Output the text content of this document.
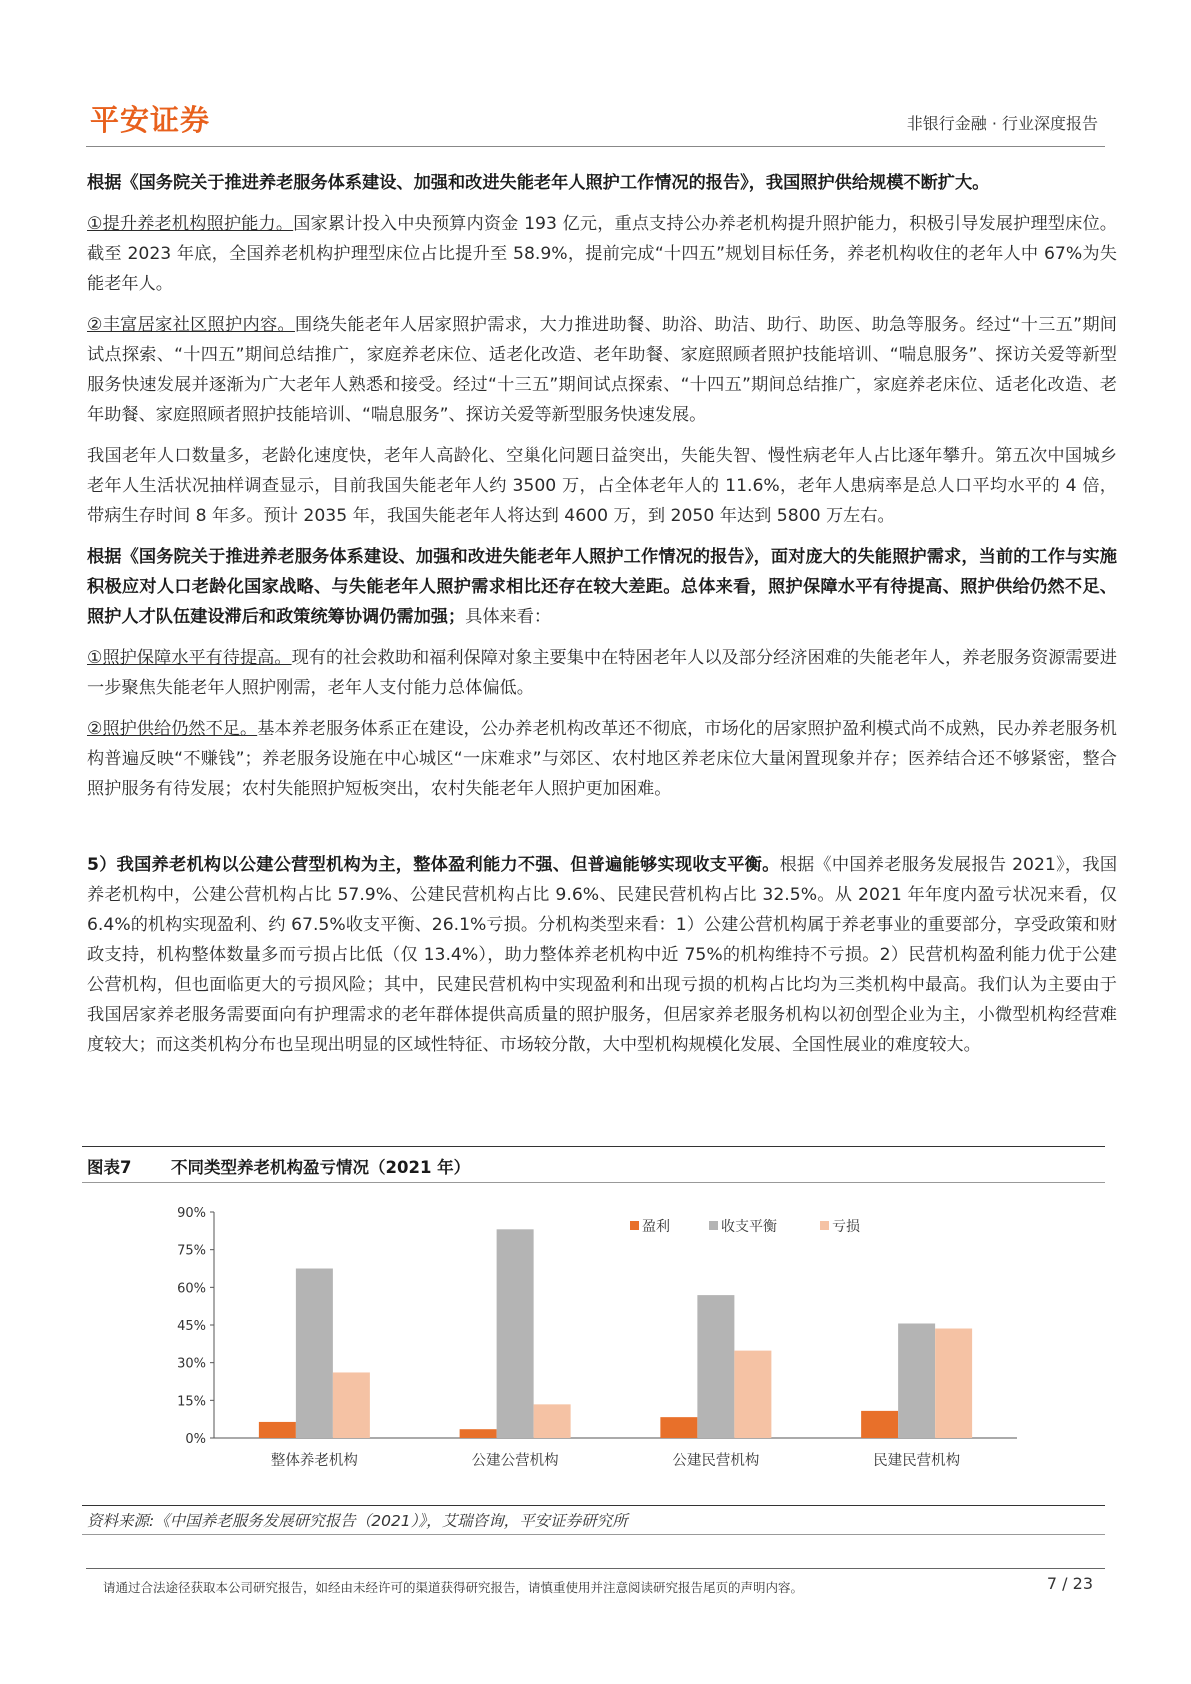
平安证券	非银行金融 · 行业深度报告

根据《国务院关于推进养老服务体系建设、加强和改进失能老年人照护工作情况的报告》，我国照护供给规模不断扩大。

①提升养老机构照护能力。国家累计投入中央预算内资金 193 亿元，重点支持公办养老机构提升照护能力，积极引导发展护理型床位。截至 2023 年底，全国养老机构护理型床位占比提升至 58.9%，提前完成“十四五”规划目标任务，养老机构收住的老年人中 67%为失能老年人。

②丰富居家社区照护内容。围绕失能老年人居家照护需求，大力推进助餐、助浴、助洁、助行、助医、助急等服务。经过“十三五”期间试点探索、“十四五”期间总结推广，家庭养老床位、适老化改造、老年助餐、家庭照顾者照护技能培训、“喘息服务”、探访关爱等新型服务快速发展并逐渐为广大老年人熟悉和接受。经过“十三五”期间试点探索、“十四五”期间总结推广，家庭养老床位、适老化改造、老年助餐、家庭照顾者照护技能培训、“喘息服务”、探访关爱等新型服务快速发展。

我国老年人口数量多，老龄化速度快，老年人高龄化、空巢化问题日益突出，失能失智、慢性病老年人占比逐年攀升。第五次中国城乡老年人生活状况抽样调查显示，目前我国失能老年人约 3500 万，占全体老年人的 11.6%，老年人患病率是总人口平均水平的 4 倍，带病生存时间 8 年多。预计 2035 年，我国失能老年人将达到 4600 万，到 2050 年达到 5800 万左右。

根据《国务院关于推进养老服务体系建设、加强和改进失能老年人照护工作情况的报告》，面对庞大的失能照护需求，当前的工作与实施积极应对人口老龄化国家战略、与失能老年人照护需求相比还存在较大差距。总体来看，照护保障水平有待提高、照护供给仍然不足、照护人才队伍建设滞后和政策统筹协调仍需加强；具体来看：

①照护保障水平有待提高。现有的社会救助和福利保障对象主要集中在特困老年人以及部分经济困难的失能老年人，养老服务资源需要进一步聚焦失能老年人照护刚需，老年人支付能力总体偏低。

②照护供给仍然不足。基本养老服务体系正在建设，公办养老机构改革还不彻底，市场化的居家照护盈利模式尚不成熟，民办养老服务机构普遍反映“不赚钱”；养老服务设施在中心城区“一床难求”与郊区、农村地区养老床位大量闲置现象并存；医养结合还不够紧密，整合照护服务有待发展；农村失能照护短板突出，农村失能老年人照护更加困难。

5）我国养老机构以公建公营型机构为主，整体盈利能力不强、但普遍能够实现收支平衡。根据《中国养老服务发展报告 2021》，我国养老机构中，公建公营机构占比 57.9%、公建民营机构占比 9.6%、民建民营机构占比 32.5%。从 2021 年年度内盈亏状况来看，仅 6.4%的机构实现盈利、约 67.5%收支平衡、26.1%亏损。分机构类型来看：1）公建公营机构属于养老事业的重要部分，享受政策和财政支持，机构整体数量多而亏损占比低（仅 13.4%），助力整体养老机构中近 75%的机构维持不亏损。2）民营机构盈利能力优于公建公营机构，但也面临更大的亏损风险；其中，民建民营机构中实现盈利和出现亏损的机构占比均为三类机构中最高。我们认为主要由于我国居家养老服务需要面向有护理需求的老年群体提供高质量的照护服务，但居家养老服务机构以初创型企业为主，小微型机构经营难度较大；而这类机构分布也呈现出明显的区域性特征、市场较分散，大中型机构规模化发展、全国性展业的难度较大。

图表7 不同类型养老机构盈亏情况（2021 年）
0%
15%
30%
45%
60%
75%
90%
整体养老机构	公建公营机构	公建民营机构	民建民营机构
盈利	收支平衡	亏损
资料来源:《中国养老服务发展研究报告（2021）》，艾瑞咨询，平安证券研究所
请通过合法途径获取本公司研究报告，如经由未经许可的渠道获得研究报告，请慎重使用并注意阅读研究报告尾页的声明内容。	7 / 23
